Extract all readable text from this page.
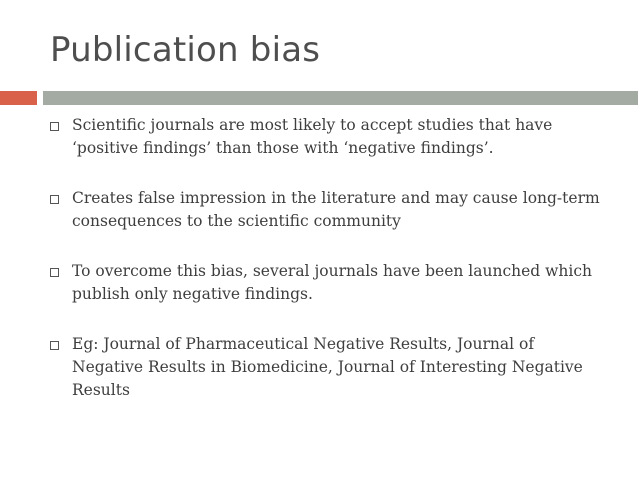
Publication bias
Scientific journals are most likely to accept studies that have ‘positive findings’ than those with ‘negative findings’.
Creates false impression in the literature and may cause long-term consequences to the scientific community
To overcome this bias, several journals have been launched which publish only negative findings.
Eg: Journal of Pharmaceutical Negative Results, Journal of Negative Results in Biomedicine, Journal of Interesting Negative Results
